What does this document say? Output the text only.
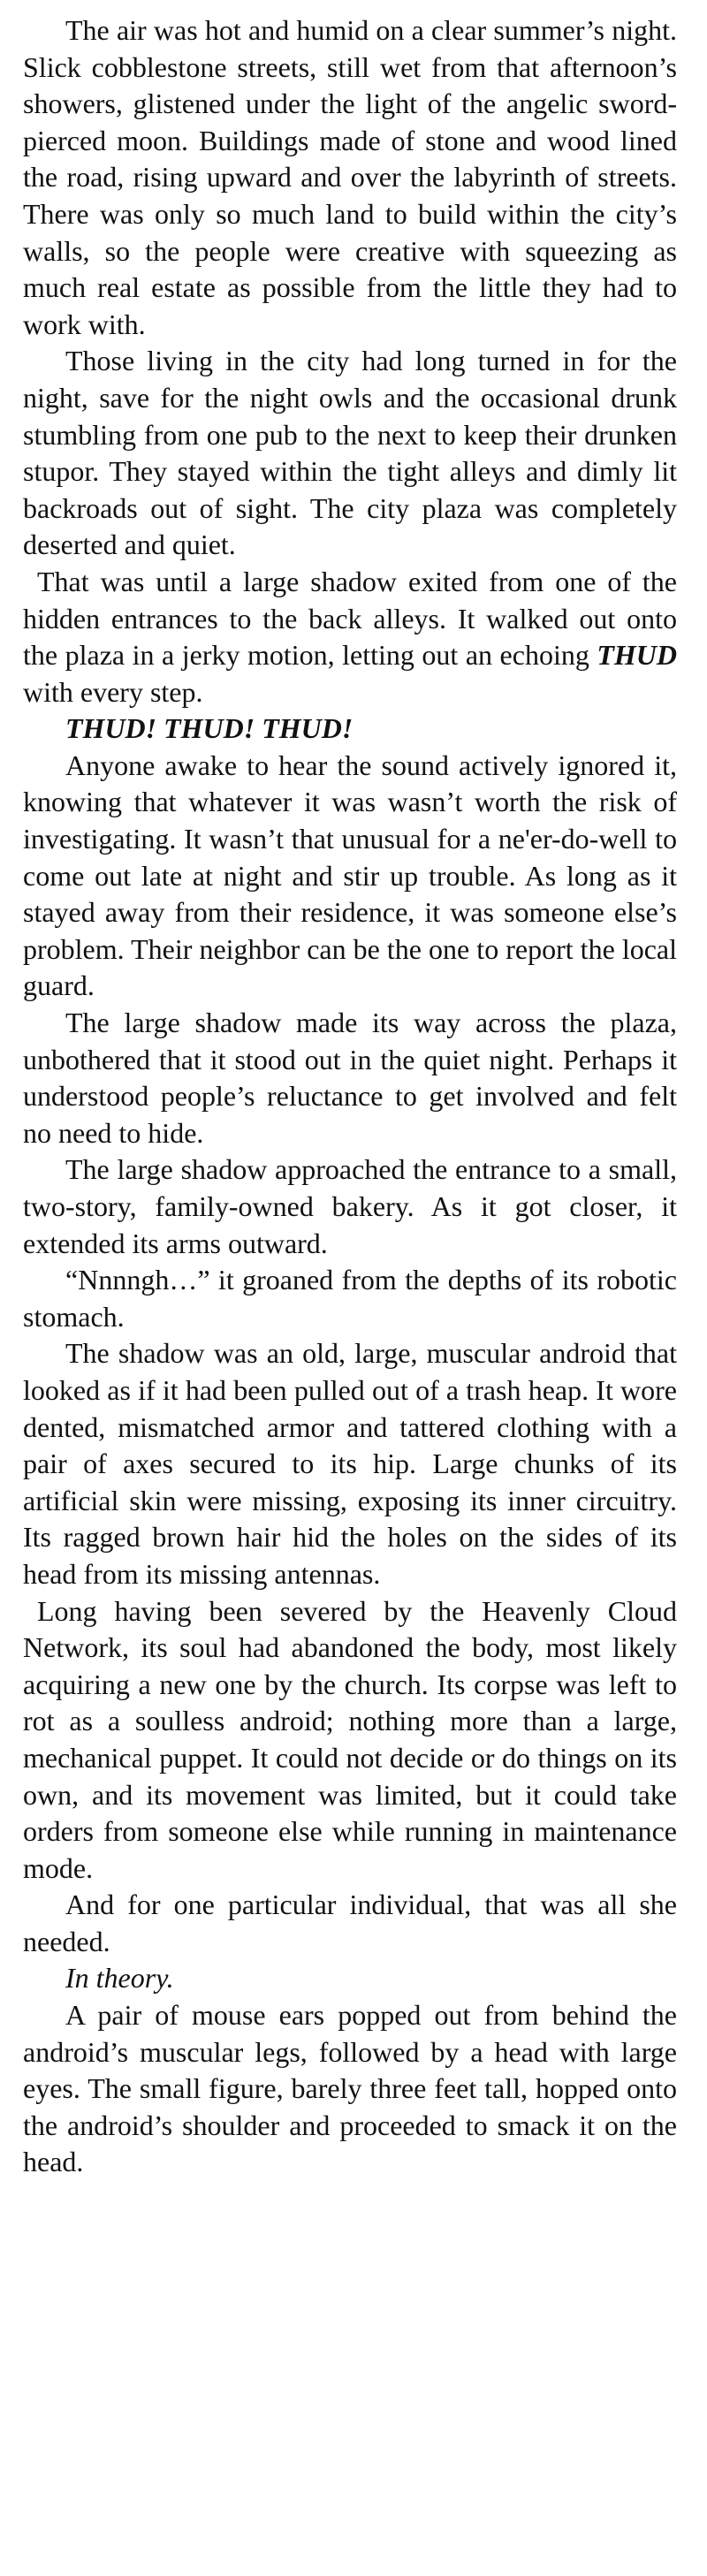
The air was hot and humid on a clear summer’s night. Slick cobblestone streets, still wet from that afternoon’s showers, glistened under the light of the angelic sword-pierced moon. Buildings made of stone and wood lined the road, rising upward and over the labyrinth of streets. There was only so much land to build within the city’s walls, so the people were creative with squeezing as much real estate as possible from the little they had to work with.

Those living in the city had long turned in for the night, save for the night owls and the occasional drunk stumbling from one pub to the next to keep their drunken stupor. They stayed within the tight alleys and dimly lit backroads out of sight. The city plaza was completely deserted and quiet.

That was until a large shadow exited from one of the hidden entrances to the back alleys. It walked out onto the plaza in a jerky motion, letting out an echoing THUD with every step.

THUD! THUD! THUD!

Anyone awake to hear the sound actively ignored it, knowing that whatever it was wasn’t worth the risk of investigating. It wasn’t that unusual for a ne'er-do-well to come out late at night and stir up trouble. As long as it stayed away from their residence, it was someone else’s problem. Their neighbor can be the one to report the local guard.

The large shadow made its way across the plaza, unbothered that it stood out in the quiet night. Perhaps it understood people’s reluctance to get involved and felt no need to hide.

The large shadow approached the entrance to a small, two-story, family-owned bakery. As it got closer, it extended its arms outward.

“Nnnngh…” it groaned from the depths of its robotic stomach.

The shadow was an old, large, muscular android that looked as if it had been pulled out of a trash heap. It wore dented, mismatched armor and tattered clothing with a pair of axes secured to its hip. Large chunks of its artificial skin were missing, exposing its inner circuitry. Its ragged brown hair hid the holes on the sides of its head from its missing antennas.

Long having been severed by the Heavenly Cloud Network, its soul had abandoned the body, most likely acquiring a new one by the church. Its corpse was left to rot as a soulless android; nothing more than a large, mechanical puppet. It could not decide or do things on its own, and its movement was limited, but it could take orders from someone else while running in maintenance mode.

And for one particular individual, that was all she needed.

In theory.

A pair of mouse ears popped out from behind the android’s muscular legs, followed by a head with large eyes. The small figure, barely three feet tall, hopped onto the android’s shoulder and proceeded to smack it on the head.
